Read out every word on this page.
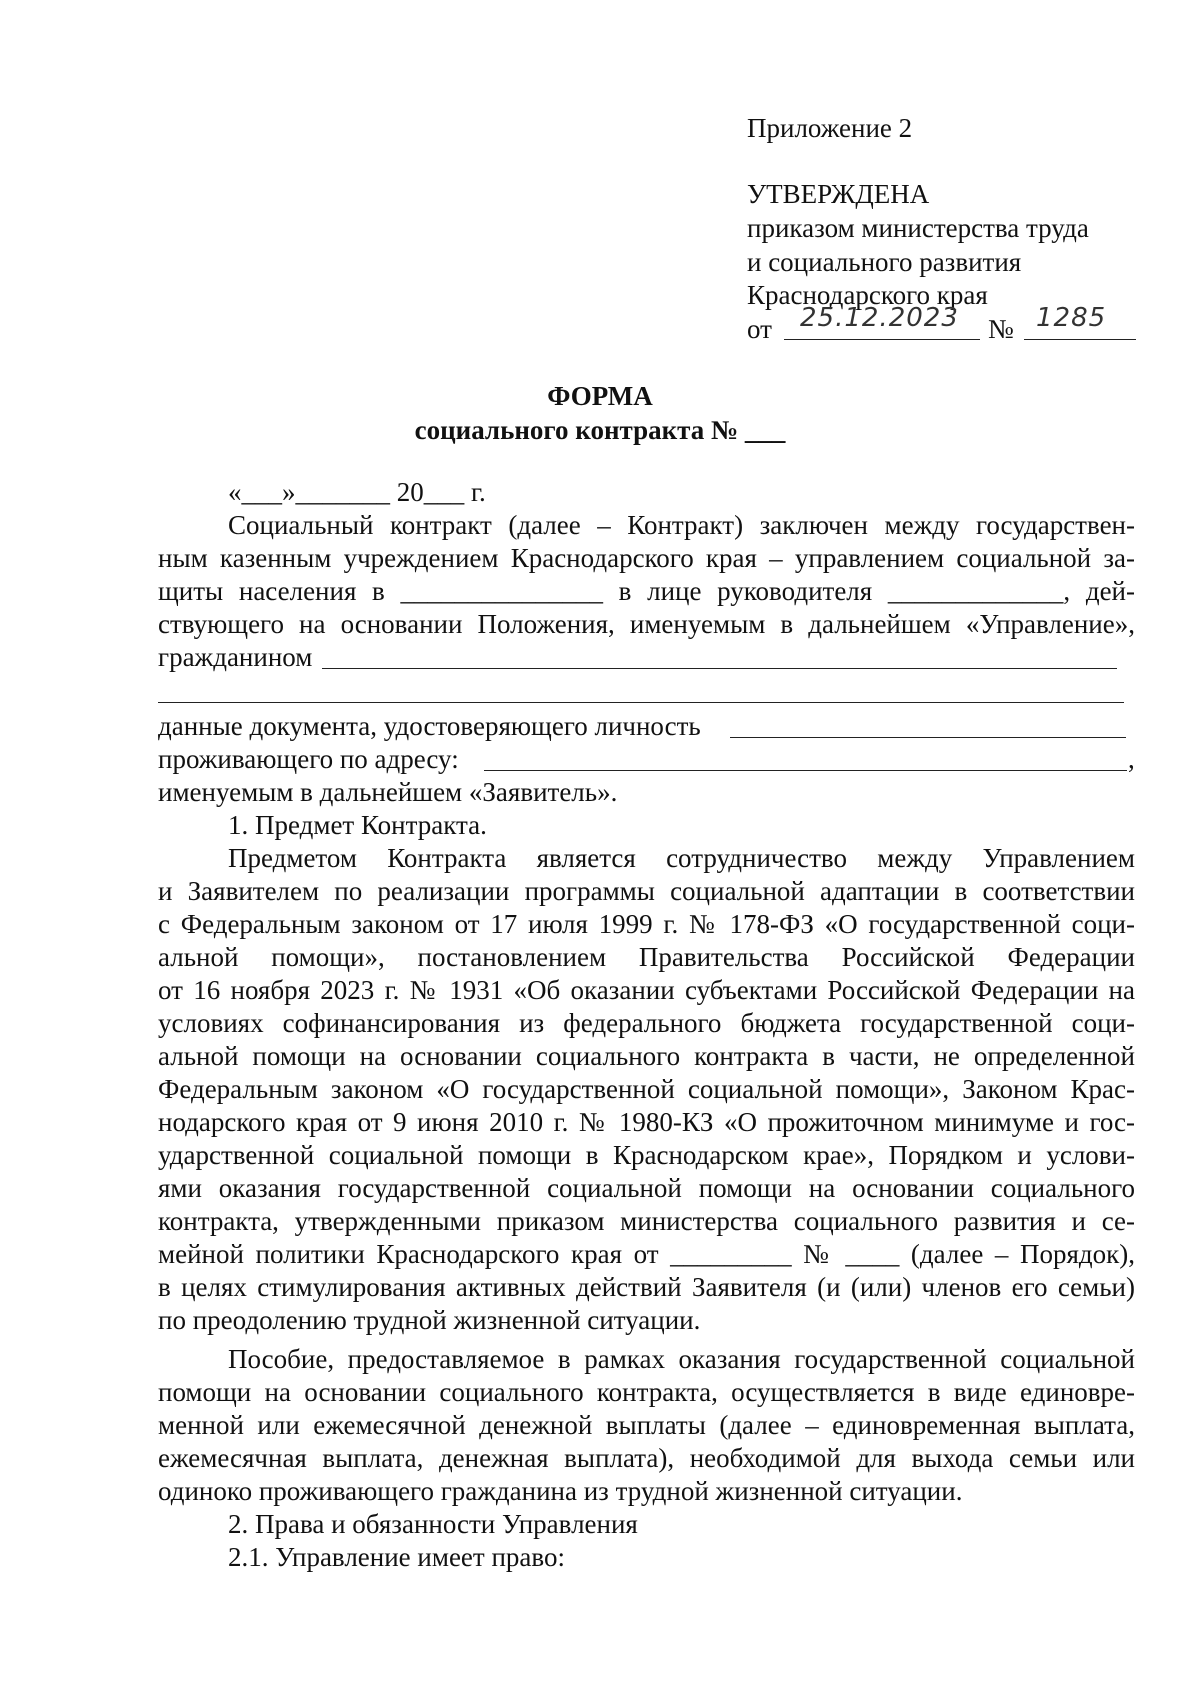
Приложение 2
УТВЕРЖДЕНА
приказом министерства труда
и социального развития
Краснодарского края
от 25.12.2023 № 1285
ФОРМА
социального контракта № ___
«___»_______ 20___ г.
Социальный контракт (далее – Контракт) заключен между государствен-
ным казенным учреждением Краснодарского края – управлением социальной за-
щиты населения в _______________ в лице руководителя _____________, дей-
ствующего на основании Положения, именуемым в дальнейшем «Управление»,
гражданином
данные документа, удостоверяющего личность
проживающего по адресу:	,
именуемым в дальнейшем «Заявитель».
1. Предмет Контракта.
Предметом Контракта является сотрудничество между Управлением
и Заявителем по реализации программы социальной адаптации в соответствии
с Федеральным законом от 17 июля 1999 г. № 178-ФЗ «О государственной соци-
альной помощи», постановлением Правительства Российской Федерации
от 16 ноября 2023 г. № 1931 «Об оказании субъектами Российской Федерации на
условиях софинансирования из федерального бюджета государственной соци-
альной помощи на основании социального контракта в части, не определенной
Федеральным законом «О государственной социальной помощи», Законом Крас-
нодарского края от 9 июня 2010 г. № 1980-КЗ «О прожиточном минимуме и гос-
ударственной социальной помощи в Краснодарском крае», Порядком и услови-
ями оказания государственной социальной помощи на основании социального
контракта, утвержденными приказом министерства социального развития и се-
мейной политики Краснодарского края от _________ № ____ (далее – Порядок),
в целях стимулирования активных действий Заявителя (и (или) членов его семьи)
по преодолению трудной жизненной ситуации.
Пособие, предоставляемое в рамках оказания государственной социальной
помощи на основании социального контракта, осуществляется в виде единовре-
менной или ежемесячной денежной выплаты (далее – единовременная выплата,
ежемесячная выплата, денежная выплата), необходимой для выхода семьи или
одиноко проживающего гражданина из трудной жизненной ситуации.
2. Права и обязанности Управления
2.1. Управление имеет право:
